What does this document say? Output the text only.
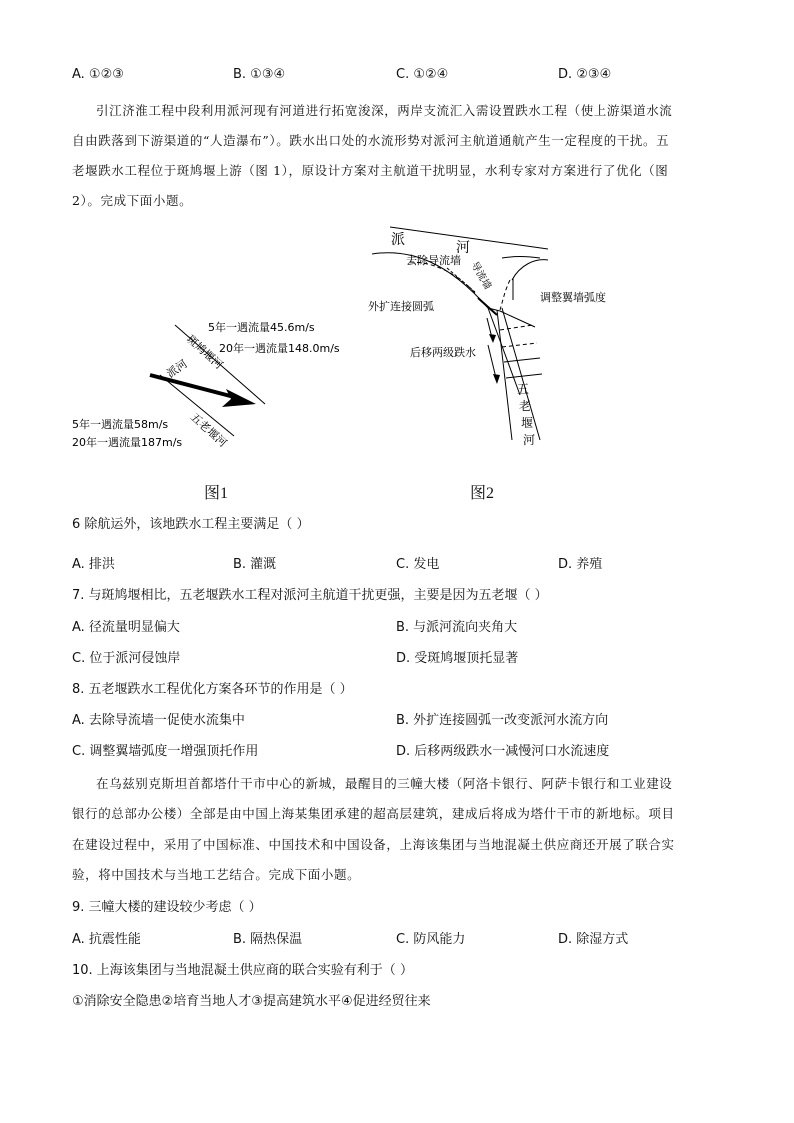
A. ①②③	B. ①③④	C. ①②④	D. ②③④
引江济淮工程中段利用派河现有河道进行拓宽浚深，两岸支流汇入需设置跌水工程（使上游渠道水流
自由跌落到下游渠道的“人造瀑布”）。跌水出口处的水流形势对派河主航道通航产生一定程度的干扰。五
老堰跌水工程位于斑鸠堰上游（图 1），原设计方案对主航道干扰明显，水利专家对方案进行了优化（图
2）。完成下面小题。
5年一遇流量45.6m/s
20年一遇流量148.0m/s
斑鸠堰河
派河
五老堰河
5年一遇流量58m/s
20年一遇流量187m/s
图1
派	河
去除导流墙 导流墙
外扩连接圆弧
调整翼墙弧度
后移两级跌水
五
老
堰
河
图2
6 除航运外，该地跌水工程主要满足（ ）
A. 排洪	B. 灌溉	C. 发电	D. 养殖
7. 与斑鸠堰相比，五老堰跌水工程对派河主航道干扰更强，主要是因为五老堰（ ）
A. 径流量明显偏大	B. 与派河流向夹角大
C. 位于派河侵蚀岸	D. 受斑鸠堰顶托显著
8. 五老堰跌水工程优化方案各环节的作用是（ ）
A. 去除导流墙一促使水流集中	B. 外扩连接圆弧一改变派河水流方向
C. 调整翼墙弧度一增强顶托作用	D. 后移两级跌水一减慢河口水流速度
在乌兹别克斯坦首都塔什干市中心的新城，最醒目的三幢大楼（阿洛卡银行、阿萨卡银行和工业建设
银行的总部办公楼）全部是由中国上海某集团承建的超高层建筑，建成后将成为塔什干市的新地标。项目
在建设过程中，采用了中国标准、中国技术和中国设备，上海该集团与当地混凝土供应商还开展了联合实
验，将中国技术与当地工艺结合。完成下面小题。
9. 三幢大楼的建设较少考虑（ ）
A. 抗震性能	B. 隔热保温	C. 防风能力	D. 除湿方式
10. 上海该集团与当地混凝土供应商的联合实验有利于（ ）
①消除安全隐患②培育当地人才③提高建筑水平④促进经贸往来
